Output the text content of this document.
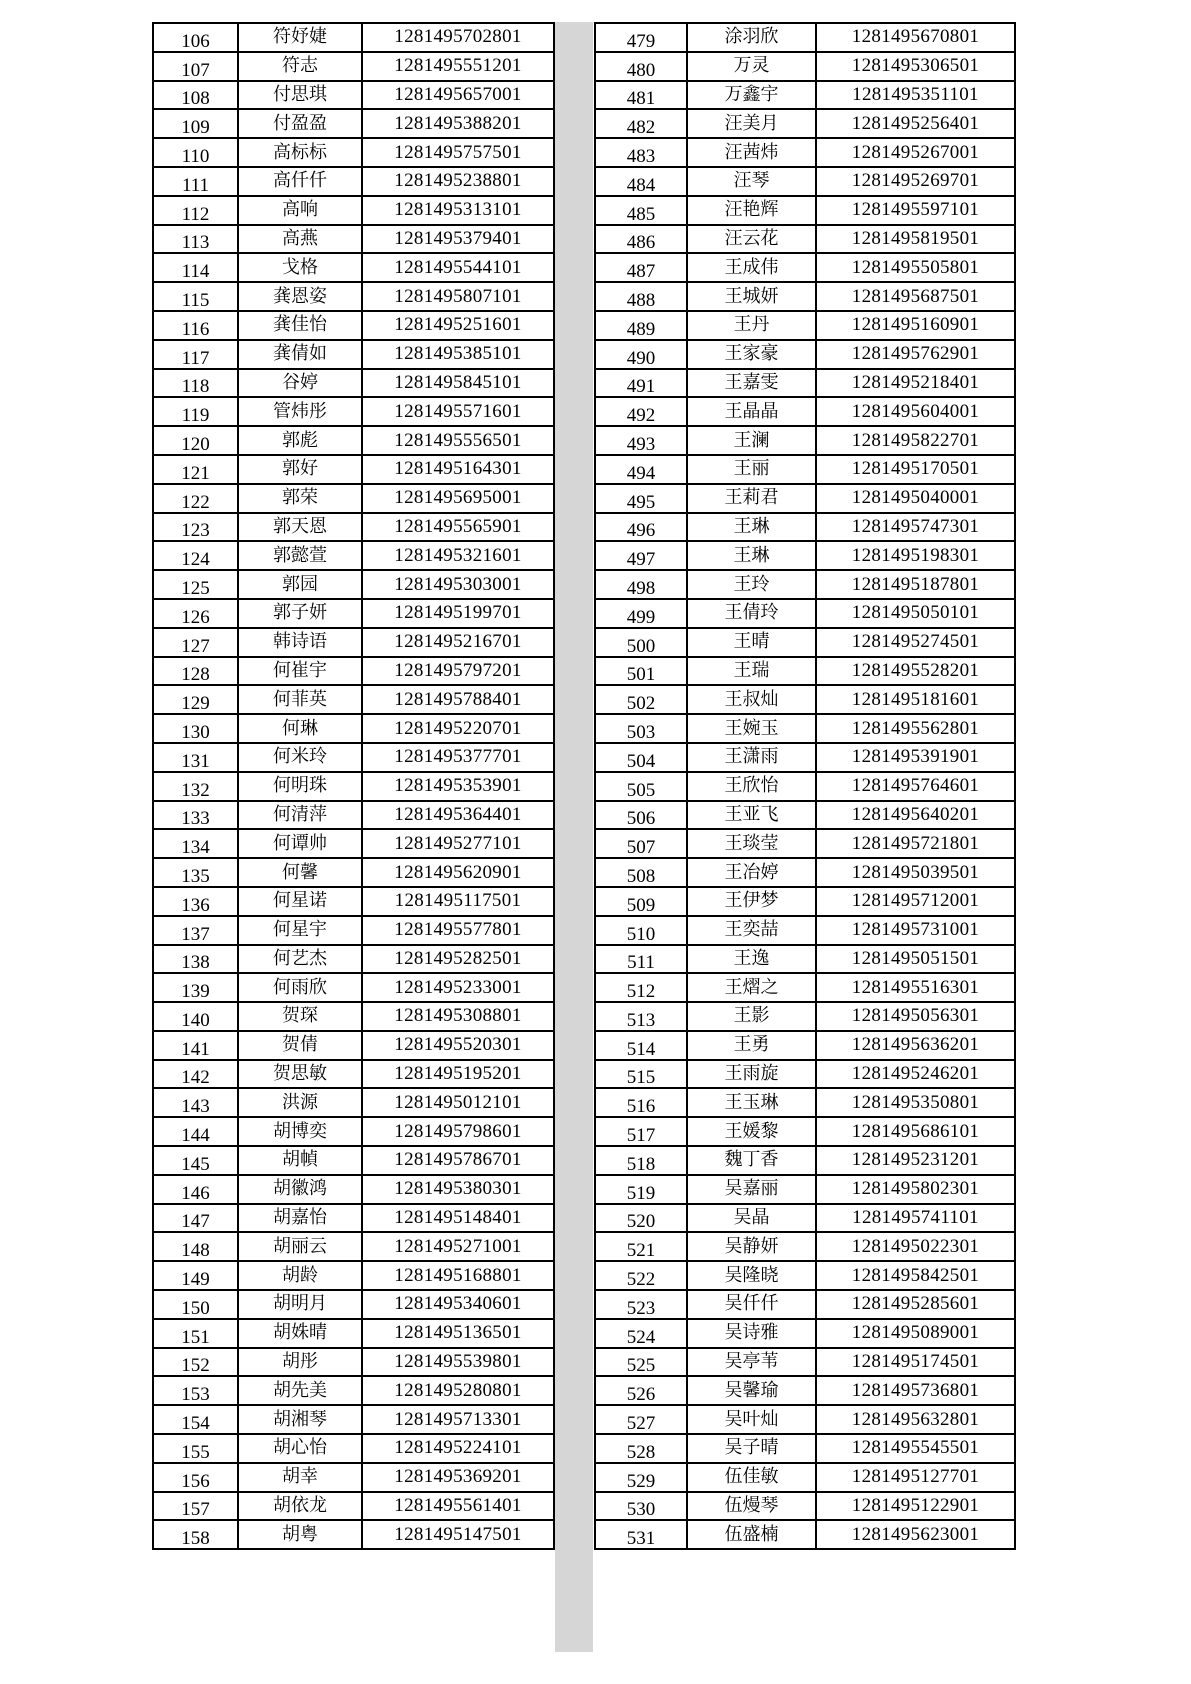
106	符妤婕	1281495702801
107	符志	1281495551201
108	付思琪	1281495657001
109	付盈盈	1281495388201
110	高标标	1281495757501
111	高仟仟	1281495238801
112	高响	1281495313101
113	高燕	1281495379401
114	戈格	1281495544101
115	龚恩姿	1281495807101
116	龚佳怡	1281495251601
117	龚倩如	1281495385101
118	谷婷	1281495845101
119	管炜彤	1281495571601
120	郭彪	1281495556501
121	郭好	1281495164301
122	郭荣	1281495695001
123	郭天恩	1281495565901
124	郭懿萱	1281495321601
125	郭园	1281495303001
126	郭子妍	1281495199701
127	韩诗语	1281495216701
128	何崔宇	1281495797201
129	何菲英	1281495788401
130	何琳	1281495220701
131	何米玲	1281495377701
132	何明珠	1281495353901
133	何清萍	1281495364401
134	何谭帅	1281495277101
135	何馨	1281495620901
136	何星诺	1281495117501
137	何星宇	1281495577801
138	何艺杰	1281495282501
139	何雨欣	1281495233001
140	贺琛	1281495308801
141	贺倩	1281495520301
142	贺思敏	1281495195201
143	洪源	1281495012101
144	胡博奕	1281495798601
145	胡幀	1281495786701
146	胡徽鸿	1281495380301
147	胡嘉怡	1281495148401
148	胡丽云	1281495271001
149	胡龄	1281495168801
150	胡明月	1281495340601
151	胡姝晴	1281495136501
152	胡彤	1281495539801
153	胡先美	1281495280801
154	胡湘琴	1281495713301
155	胡心怡	1281495224101
156	胡幸	1281495369201
157	胡依龙	1281495561401
158	胡粤	1281495147501
479	涂羽欣	1281495670801
480	万灵	1281495306501
481	万鑫宇	1281495351101
482	汪美月	1281495256401
483	汪茜炜	1281495267001
484	汪琴	1281495269701
485	汪艳辉	1281495597101
486	汪云花	1281495819501
487	王成伟	1281495505801
488	王城妍	1281495687501
489	王丹	1281495160901
490	王家豪	1281495762901
491	王嘉雯	1281495218401
492	王晶晶	1281495604001
493	王澜	1281495822701
494	王丽	1281495170501
495	王莉君	1281495040001
496	王琳	1281495747301
497	王琳	1281495198301
498	王玲	1281495187801
499	王倩玲	1281495050101
500	王晴	1281495274501
501	王瑞	1281495528201
502	王叔灿	1281495181601
503	王婉玉	1281495562801
504	王潇雨	1281495391901
505	王欣怡	1281495764601
506	王亚飞	1281495640201
507	王琰莹	1281495721801
508	王冶婷	1281495039501
509	王伊梦	1281495712001
510	王奕喆	1281495731001
511	王逸	1281495051501
512	王熠之	1281495516301
513	王影	1281495056301
514	王勇	1281495636201
515	王雨旋	1281495246201
516	王玉琳	1281495350801
517	王媛黎	1281495686101
518	魏丁香	1281495231201
519	吴嘉丽	1281495802301
520	吴晶	1281495741101
521	吴静妍	1281495022301
522	吴隆晓	1281495842501
523	吴仟仟	1281495285601
524	吴诗雅	1281495089001
525	吴亭苇	1281495174501
526	吴馨瑜	1281495736801
527	吴叶灿	1281495632801
528	吴子晴	1281495545501
529	伍佳敏	1281495127701
530	伍熳琴	1281495122901
531	伍盛楠	1281495623001
